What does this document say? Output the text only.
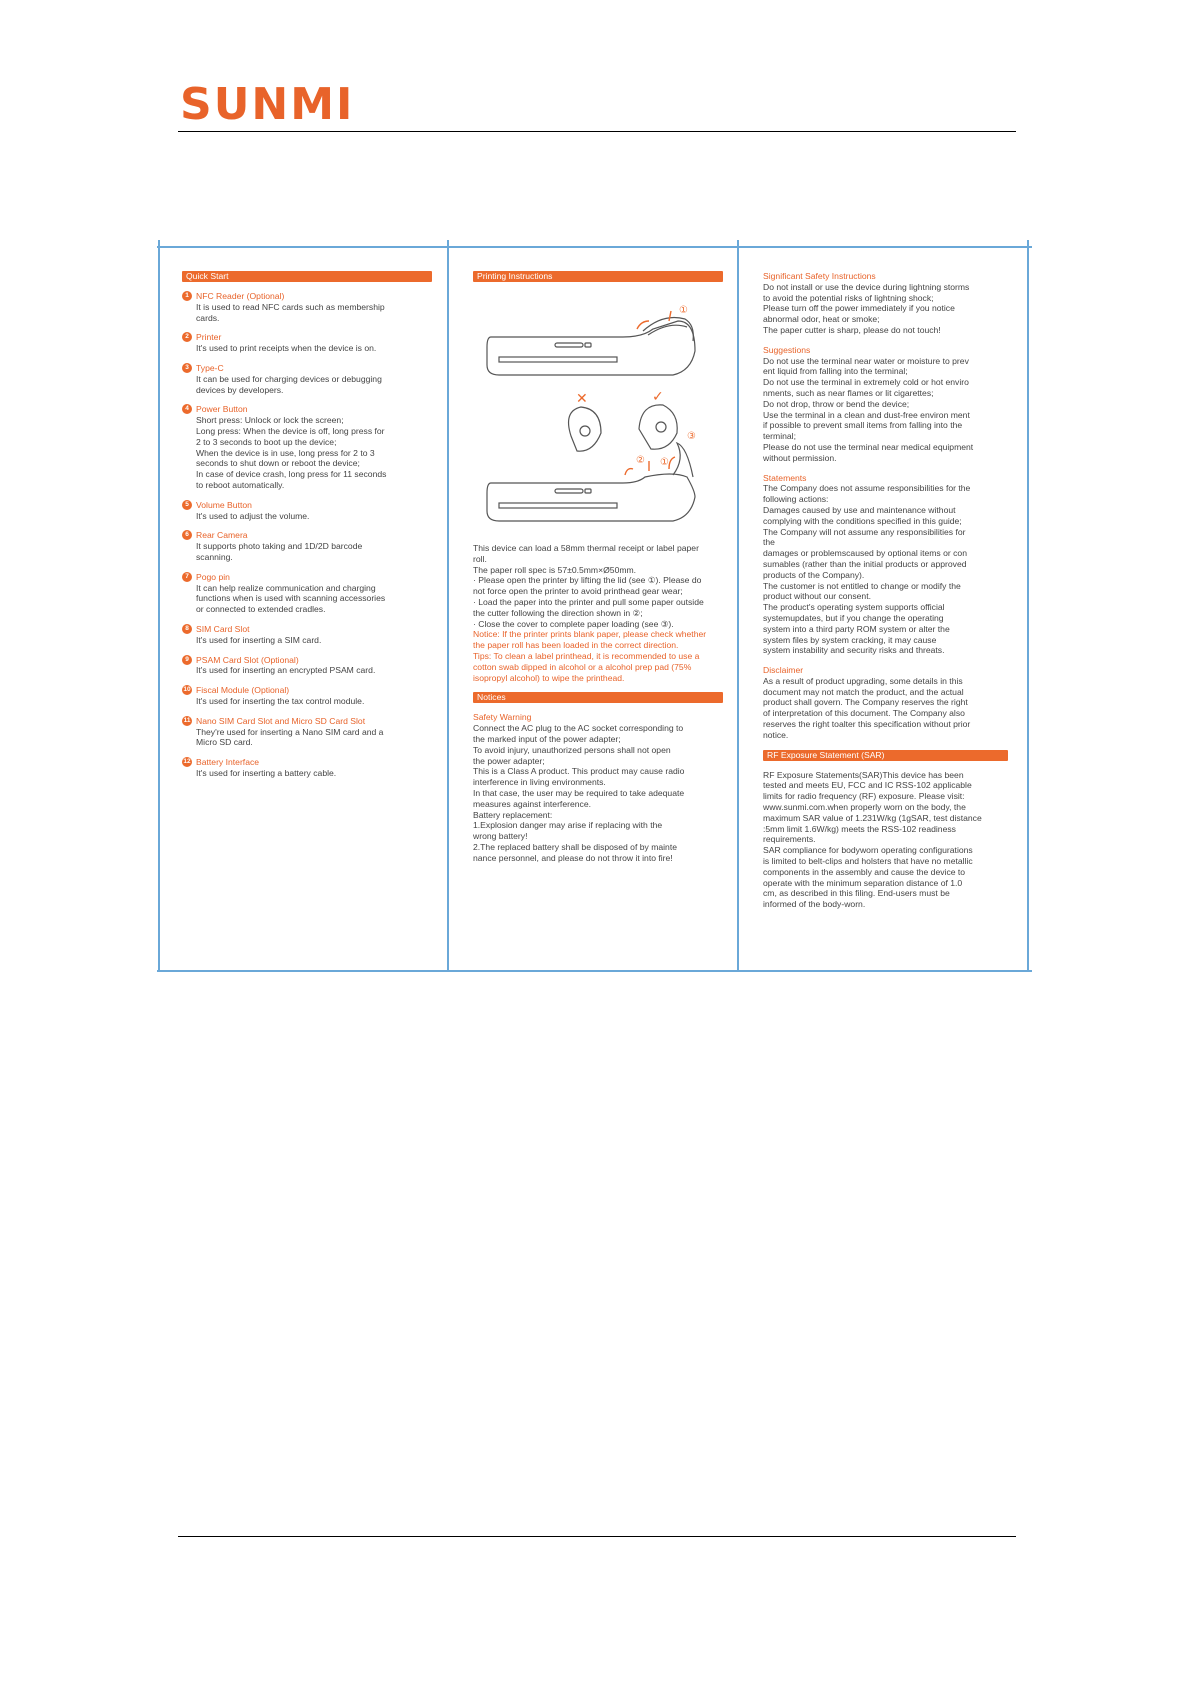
SUNMI
Quick Start
1 NFC Reader (Optional)
It is used to read NFC cards such as membership
cards.
2 Printer
It's used to print receipts when the device is on.
3 Type-C
It can be used for charging devices or debugging
devices by developers.
4 Power Button
Short press: Unlock or lock the screen;
Long press: When the device is off, long press for
2 to 3 seconds to boot up the device;
When the device is in use, long press for 2 to 3
seconds to shut down or reboot the device;
In case of device crash, long press for 11 seconds
to reboot automatically.
5 Volume Button
It's used to adjust the volume.
6 Rear Camera
It supports photo taking and 1D/2D barcode
scanning.
7 Pogo pin
It can help realize communication and charging
functions when is used with scanning accessories
or connected to extended cradles.
8 SIM Card Slot
It's used for inserting a SIM card.
9 PSAM Card Slot (Optional)
It's used for inserting an encrypted PSAM card.
10 Fiscal Module (Optional)
It's used for inserting the tax control module.
11 Nano SIM Card Slot and Micro SD Card Slot
They're used for inserting a Nano SIM card and a
Micro SD card.
12 Battery Interface
It's used for inserting a battery cable.
Printing Instructions
✕	✓
①
③
② ①
This device can load a 58mm thermal receipt or label paper
roll.
The paper roll spec is 57±0.5mm×Ø50mm.
· Please open the printer by lifting the lid (see ①). Please do
not force open the printer to avoid printhead gear wear;
· Load the paper into the printer and pull some paper outside
the cutter following the direction shown in ②;
· Close the cover to complete paper loading (see ③).
Notice: If the printer prints blank paper, please check whether
the paper roll has been loaded in the correct direction.
Tips: To clean a label printhead, it is recommended to use a
cotton swab dipped in alcohol or a alcohol prep pad (75%
isopropyl alcohol) to wipe the printhead.
Notices
Safety Warning
Connect the AC plug to the AC socket corresponding to
the marked input of the power adapter;
To avoid injury, unauthorized persons shall not open
the power adapter;
This is a Class A product. This product may cause radio
interference in living environments.
In that case, the user may be required to take adequate
measures against interference.
Battery replacement:
1.Explosion danger may arise if replacing with the
wrong battery!
2.The replaced battery shall be disposed of by mainte
nance personnel, and please do not throw it into fire!
Significant Safety Instructions
Do not install or use the device during lightning storms
to avoid the potential risks of lightning shock;
Please turn off the power immediately if you notice
abnormal odor, heat or smoke;
The paper cutter is sharp, please do not touch!
Suggestions
Do not use the terminal near water or moisture to prev
ent liquid from falling into the terminal;
Do not use the terminal in extremely cold or hot enviro
nments, such as near flames or lit cigarettes;
Do not drop, throw or bend the device;
Use the terminal in a clean and dust-free environ ment
if possible to prevent small items from falling into the
terminal;
Please do not use the terminal near medical equipment
without permission.
Statements
The Company does not assume responsibilities for the
following actions:
Damages caused by use and maintenance without
complying with the conditions specified in this guide;
The Company will not assume any responsibilities for
the
damages or problemscaused by optional items or con
sumables (rather than the initial products or approved
products of the Company).
The customer is not entitled to change or modify the
product without our consent.
The product's operating system supports official
systemupdates, but if you change the operating
system into a third party ROM system or alter the
system files by system cracking, it may cause
system instability and security risks and threats.
Disclaimer
As a result of product upgrading, some details in this
document may not match the product, and the actual
product shall govern. The Company reserves the right
of interpretation of this document. The Company also
reserves the right toalter this specification without prior
notice.
RF Exposure Statement (SAR)
RF Exposure Statements(SAR)This device has been
tested and meets EU, FCC and IC RSS-102 applicable
limits for radio frequency (RF) exposure. Please visit:
www.sunmi.com.when properly worn on the body, the
maximum SAR value of 1.231W/kg (1gSAR, test distance
:5mm limit 1.6W/kg) meets the RSS-102 readiness
requirements.
SAR compliance for bodyworn operating configurations
is limited to belt-clips and holsters that have no metallic
components in the assembly and cause the device to
operate with the minimum separation distance of 1.0
cm, as described in this filing. End-users must be
informed of the body-worn.
